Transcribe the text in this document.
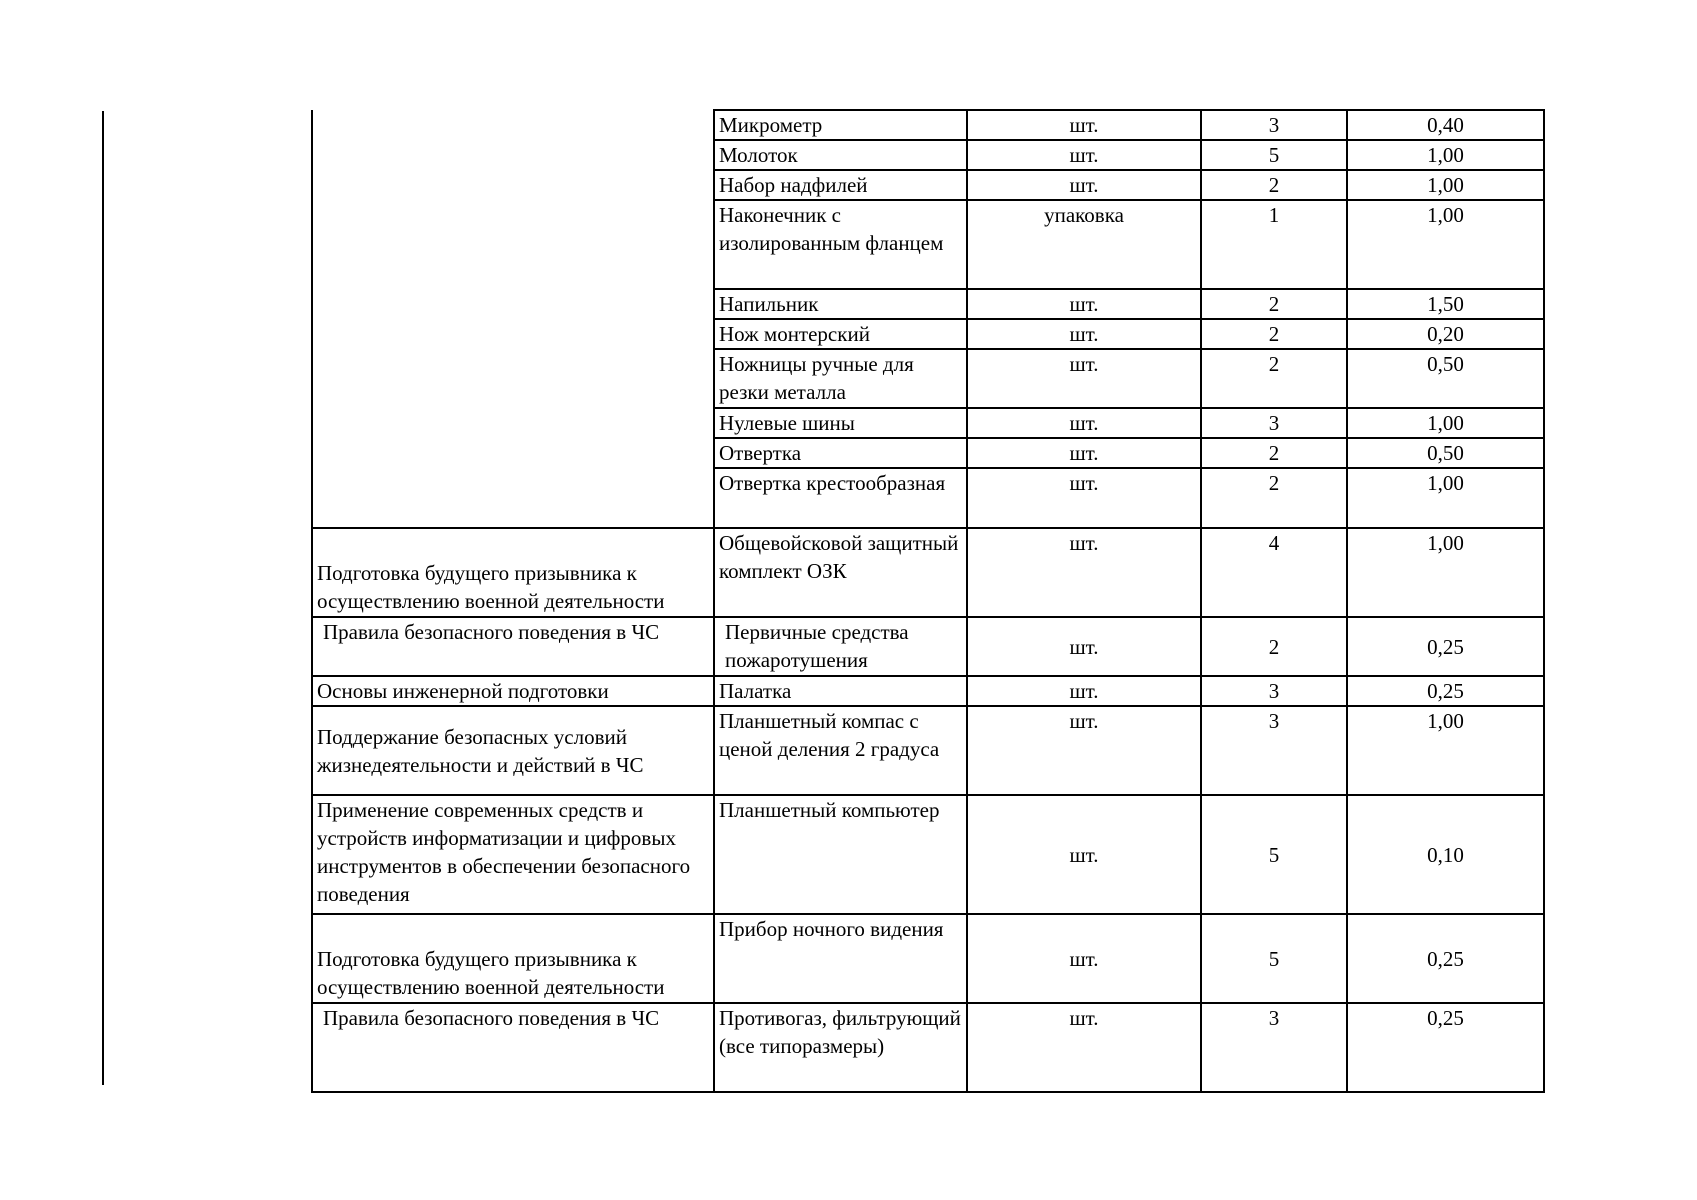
	Микрометр	шт.	3	0,40
	Молоток	шт.	5	1,00
	Набор надфилей	шт.	2	1,00
	Наконечник с изолированным фланцем	упаковка	1	1,00
	Напильник	шт.	2	1,50
	Нож монтерский	шт.	2	0,20
	Ножницы ручные для резки металла	шт.	2	0,50
	Нулевые шины	шт.	3	1,00
	Отвертка	шт.	2	0,50
	Отвертка крестообразная	шт.	2	1,00
Подготовка будущего призывника к осуществлению военной деятельности	Общевойсковой защитный комплект ОЗК	шт.	4	1,00
Правила безопасного поведения в ЧС	Первичные средства пожаротушения	шт.	2	0,25
Основы инженерной подготовки	Палатка	шт.	3	0,25
Поддержание безопасных условий жизнедеятельности и действий в ЧС	Планшетный компас с ценой деления 2 градуса	шт.	3	1,00
Применение современных средств и устройств информатизации и цифровых инструментов в обеспечении безопасного поведения	Планшетный компьютер	шт.	5	0,10
Подготовка будущего призывника к осуществлению военной деятельности	Прибор ночного видения	шт.	5	0,25
Правила безопасного поведения в ЧС	Противогаз, фильтрующий (все типоразмеры)	шт.	3	0,25
